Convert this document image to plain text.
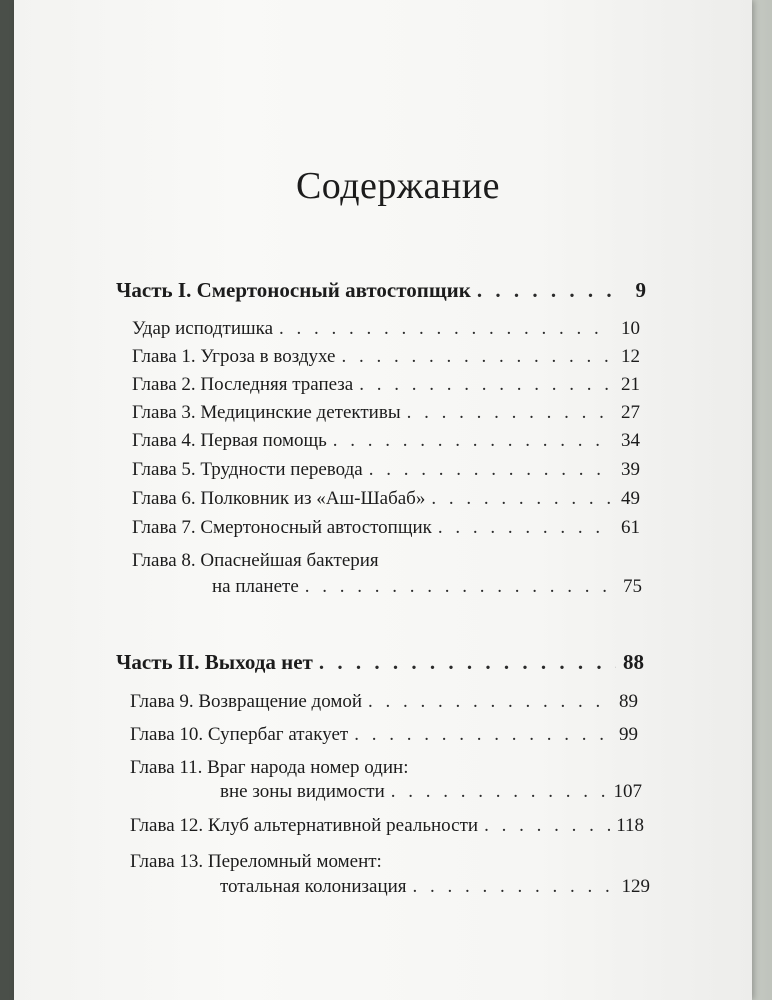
Содержание
Часть I. Смертоносный автостопщик . . .	9
Удар исподтишка . . .	10
Глава 1. Угроза в воздухе . . .	12
Глава 2. Последняя трапеза . . .	21
Глава 3. Медицинские детективы . . .	27
Глава 4. Первая помощь . . .	34
Глава 5. Трудности перевода . . .	39
Глава 6. Полковник из «Аш-Шабаб» . . .	49
Глава 7. Смертоносный автостопщик . . .	61
Глава 8. Опаснейшая бактерия
на планете . . .	75
Часть II. Выхода нет . . .	88
Глава 9. Возвращение домой . . .	89
Глава 10. Супербаг атакует . . .	99
Глава 11. Враг народа номер один:
вне зоны видимости . . .	107
Глава 12. Клуб альтернативной реальности . . .	118
Глава 13. Переломный момент:
тотальная колонизация . . .	129
